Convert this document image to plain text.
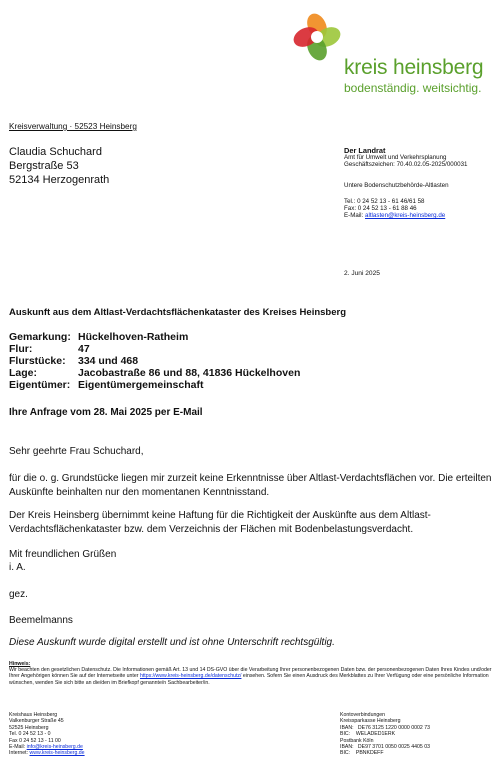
kreis heinsberg
bodenständig. weitsichtig.
Kreisverwaltung · 52523 Heinsberg
Claudia Schuchard
Bergstraße 53
52134 Herzogenrath
Der Landrat
Amt für Umwelt und Verkehrsplanung
Geschäftszeichen: 70.40.02.05-2025/000031
Untere Bodenschutzbehörde-Altlasten
Tel.: 0 24 52 13 - 61 46/61 58
Fax: 0 24 52 13 - 61 88 46
E-Mail: altlasten@kreis-heinsberg.de
2. Juni 2025
Auskunft aus dem Altlast-Verdachtsflächenkataster des Kreises Heinsberg
Gemarkung: Hückelhoven-Ratheim
Flur:	47
Flurstücke:	334 und 468
Lage:	Jacobastraße 86 und 88, 41836 Hückelhoven
Eigentümer: Eigentümergemeinschaft
Ihre Anfrage vom 28. Mai 2025 per E-Mail
Sehr geehrte Frau Schuchard,
für die o. g. Grundstücke liegen mir zurzeit keine Erkenntnisse über Altlast-Verdachtsflächen vor. Die erteilten Auskünfte beinhalten nur den momentanen Kenntnisstand.
Der Kreis Heinsberg übernimmt keine Haftung für die Richtigkeit der Auskünfte aus dem Altlast-Verdachtsflächenkataster bzw. dem Verzeichnis der Flächen mit Bodenbelastungsverdacht.
Mit freundlichen Grüßen
i. A.
gez.
Beemelmanns
Diese Auskunft wurde digital erstellt und ist ohne Unterschrift rechtsgültig.
Hinweis:
Wir beachten den gesetzlichen Datenschutz. Die Informationen gemäß Art. 13 und 14 DS-GVO über die Verarbeitung Ihrer personenbezogenen Daten bzw. der personenbezogenen Daten Ihres Kindes und/oder Ihrer Angehörigen können Sie auf der Internetseite unter https://www.kreis-heinsberg.de/datenschutz/ einsehen. Sofern Sie einen Ausdruck des Merkblattes zu Ihrer Verfügung oder eine persönliche Information wünschen, wenden Sie sich bitte an die/den im Briefkopf genannte/n Sachbearbeiter/in.
Kreishaus Heinsberg
Valkenburger Straße 45
52525 Heinsberg
Tel. 0 24 52 13 - 0
Fax 0 24 52 13 - 11 00
E-Mail: info@kreis-heinsberg.de
Internet: www.kreis-heinsberg.de
Kontoverbindungen
Kreissparkasse Heinsberg
IBAN:   DE76 3125 1220 0000 0002 73
BIC:    WELADED1ERK
Postbank Köln
IBAN:   DE97 3701 0050 0025 4405 03
BIC:    PBNKDEFF
